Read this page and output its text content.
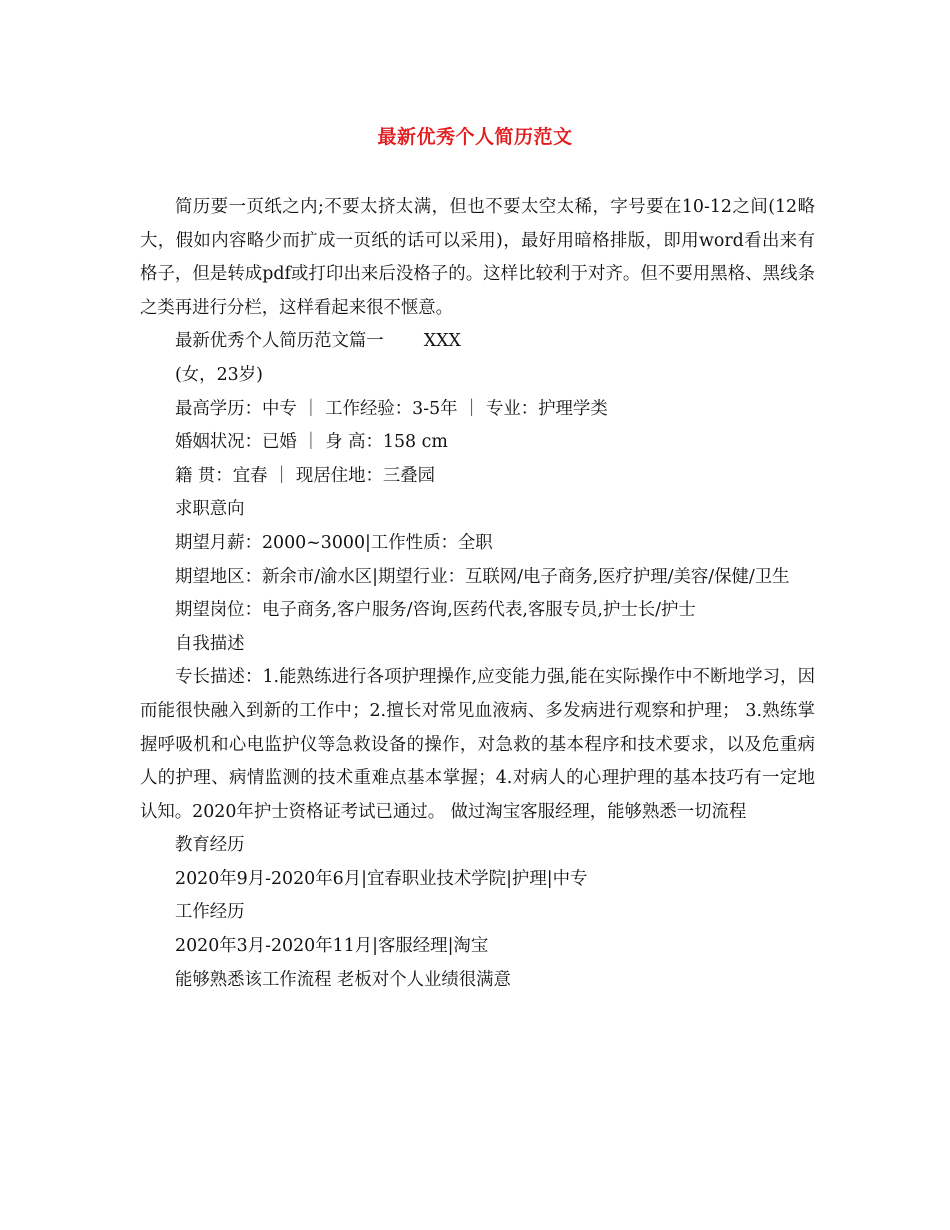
最新优秀个人简历范文

简历要一页纸之内;不要太挤太满，但也不要太空太稀，字号要在10-12之间(12略大，假如内容略少而扩成一页纸的话可以采用)，最好用暗格排版，即用word看出来有格子，但是转成pdf或打印出来后没格子的。这样比较利于对齐。但不要用黑格、黑线条之类再进行分栏，这样看起来很不惬意。

最新优秀个人简历范文篇一 XXX

(女，23岁)

最高学历：中专 ｜ 工作经验：3-5年 ｜ 专业：护理学类

婚姻状况：已婚 ｜ 身 高：158 cm

籍 贯：宜春 ｜ 现居住地：三叠园

求职意向

期望月薪：2000~3000|工作性质：全职

期望地区：新余市/渝水区|期望行业：互联网/电子商务,医疗护理/美容/保健/卫生

期望岗位：电子商务,客户服务/咨询,医药代表,客服专员,护士长/护士

自我描述

专长描述：1.能熟练进行各项护理操作,应变能力强,能在实际操作中不断地学习，因而能很快融入到新的工作中；2.擅长对常见血液病、多发病进行观察和护理； 3.熟练掌握呼吸机和心电监护仪等急救设备的操作，对急救的基本程序和技术要求，以及危重病人的护理、病情监测的技术重难点基本掌握；4.对病人的心理护理的基本技巧有一定地认知。2020年护士资格证考试已通过。 做过淘宝客服经理，能够熟悉一切流程

教育经历

2020年9月-2020年6月|宜春职业技术学院|护理|中专

工作经历

2020年3月-2020年11月|客服经理|淘宝

能够熟悉该工作流程 老板对个人业绩很满意
